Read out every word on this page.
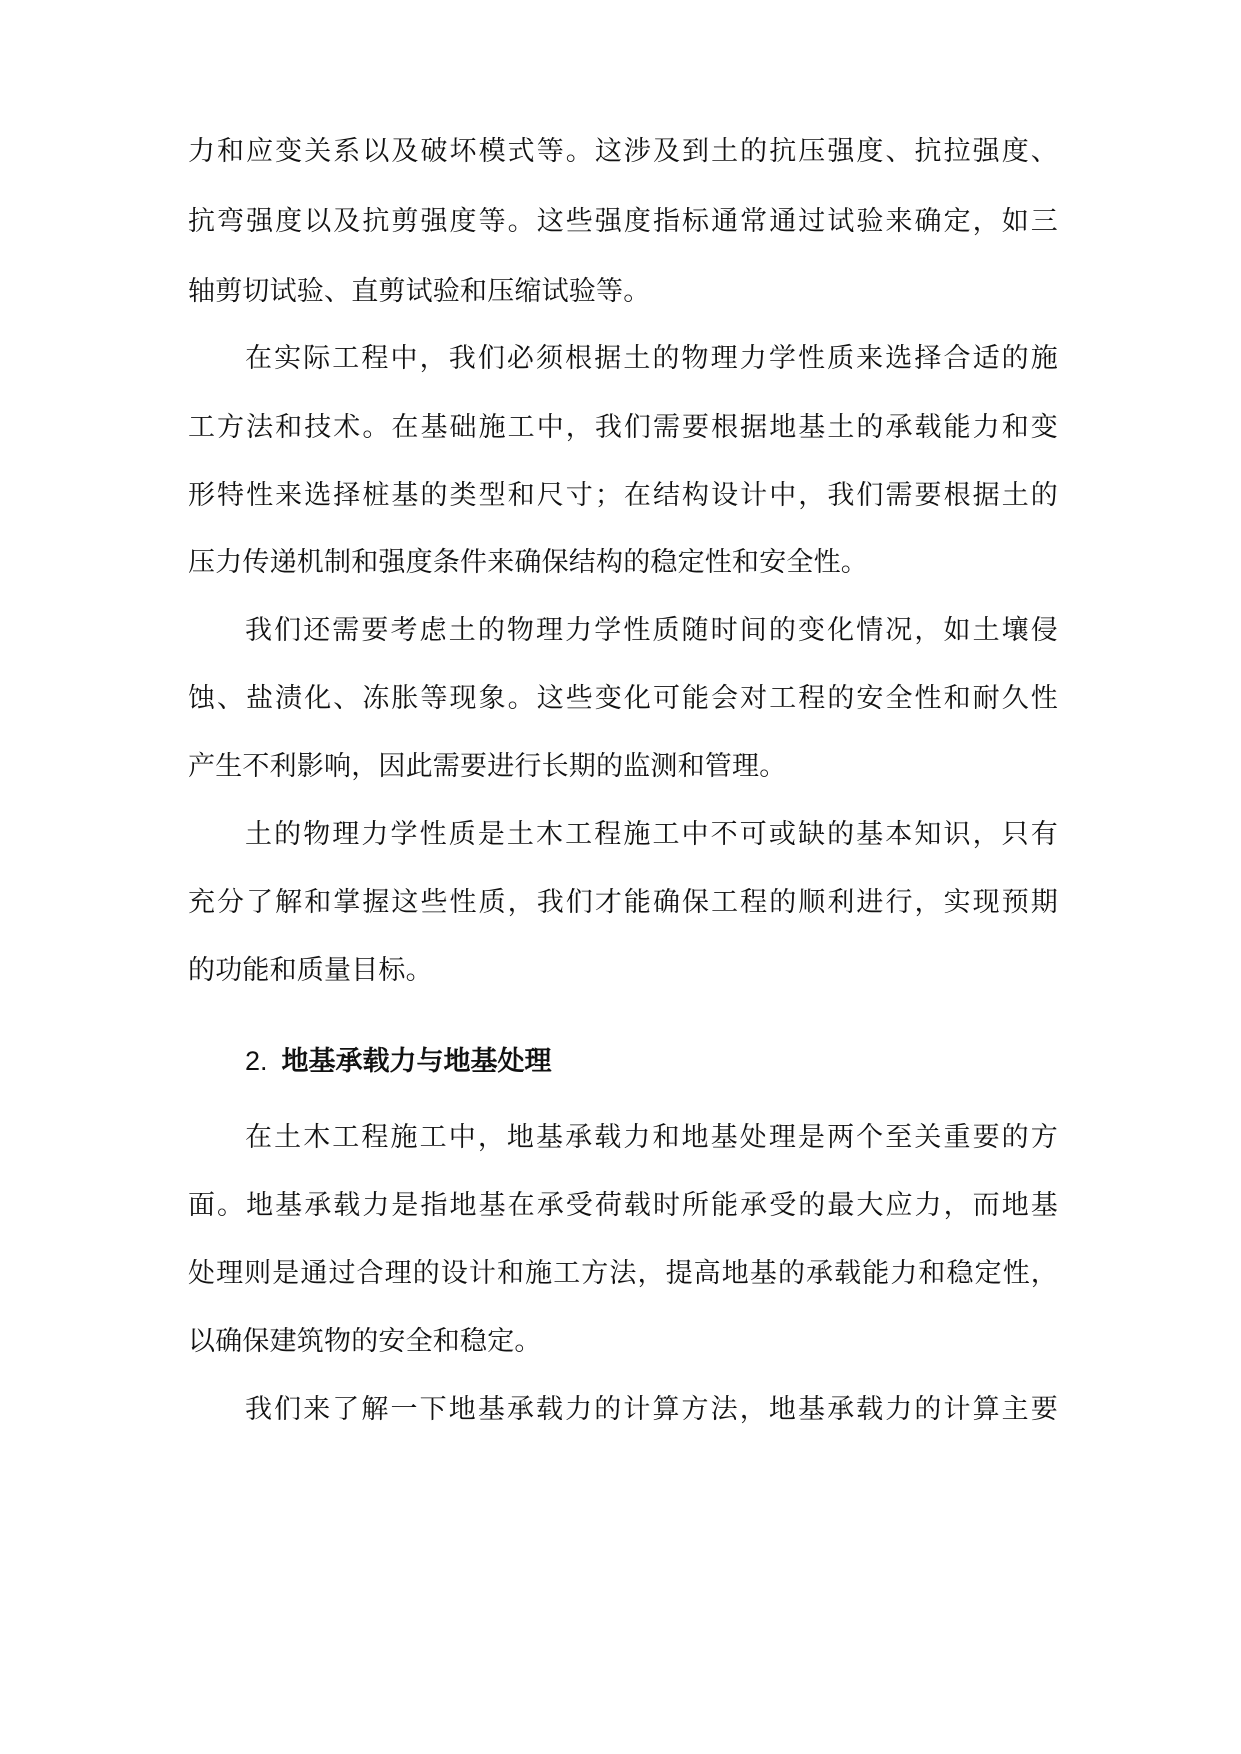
力和应变关系以及破坏模式等。这涉及到土的抗压强度、抗拉强度、
抗弯强度以及抗剪强度等。这些强度指标通常通过试验来确定，如三
轴剪切试验、直剪试验和压缩试验等。
在实际工程中，我们必须根据土的物理力学性质来选择合适的施
工方法和技术。在基础施工中，我们需要根据地基土的承载能力和变
形特性来选择桩基的类型和尺寸；在结构设计中，我们需要根据土的
压力传递机制和强度条件来确保结构的稳定性和安全性。
我们还需要考虑土的物理力学性质随时间的变化情况，如土壤侵
蚀、盐渍化、冻胀等现象。这些变化可能会对工程的安全性和耐久性
产生不利影响，因此需要进行长期的监测和管理。
土的物理力学性质是土木工程施工中不可或缺的基本知识，只有
充分了解和掌握这些性质，我们才能确保工程的顺利进行，实现预期
的功能和质量目标。
2. 地基承载力与地基处理
在土木工程施工中，地基承载力和地基处理是两个至关重要的方
面。地基承载力是指地基在承受荷载时所能承受的最大应力，而地基
处理则是通过合理的设计和施工方法，提高地基的承载能力和稳定性，
以确保建筑物的安全和稳定。
我们来了解一下地基承载力的计算方法，地基承载力的计算主要
